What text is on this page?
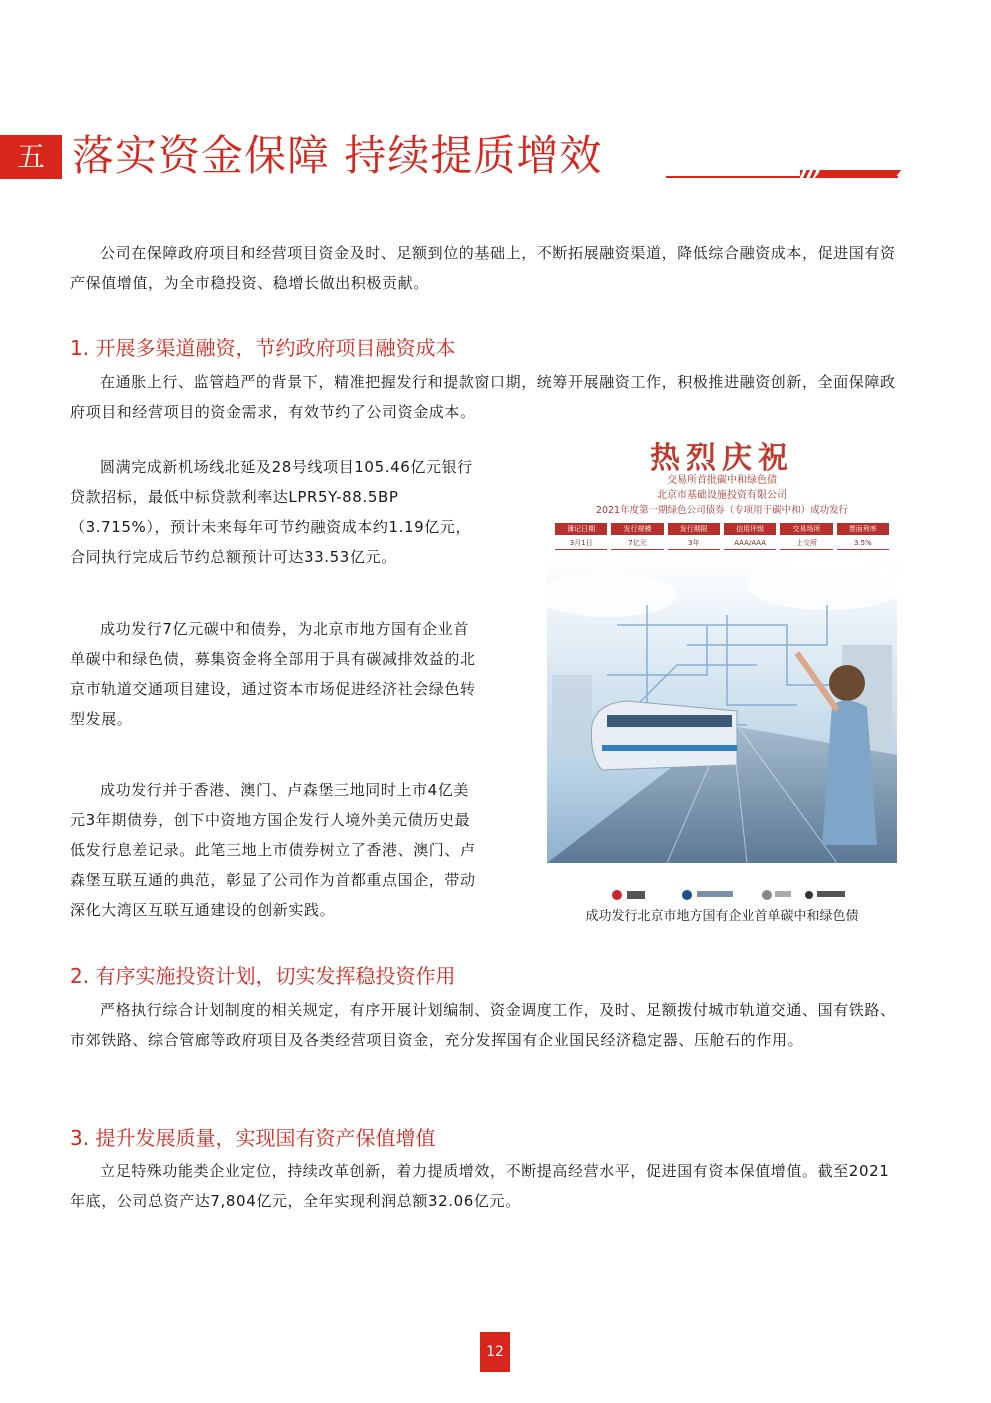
五 落实资金保障 持续提质增效
公司在保障政府项目和经营项目资金及时、足额到位的基础上，不断拓展融资渠道，降低综合融资成本，促进国有资产保值增值，为全市稳投资、稳增长做出积极贡献。
1. 开展多渠道融资，节约政府项目融资成本
在通胀上行、监管趋严的背景下，精准把握发行和提款窗口期，统筹开展融资工作，积极推进融资创新，全面保障政府项目和经营项目的资金需求，有效节约了公司资金成本。
圆满完成新机场线北延及28号线项目105.46亿元银行贷款招标，最低中标贷款利率达LPR5Y-88.5BP（3.715%），预计未来每年可节约融资成本约1.19亿元，合同执行完成后节约总额预计可达33.53亿元。
成功发行7亿元碳中和债券，为北京市地方国有企业首单碳中和绿色债，募集资金将全部用于具有碳减排效益的北京市轨道交通项目建设，通过资本市场促进经济社会绿色转型发展。
成功发行并于香港、澳门、卢森堡三地同时上市4亿美元3年期债券，创下中资地方国企发行人境外美元债历史最低发行息差记录。此笔三地上市债券树立了香港、澳门、卢森堡互联互通的典范，彰显了公司作为首都重点国企，带动深化大湾区互联互通建设的创新实践。
热烈庆祝
交易所首批碳中和绿色债
北京市基础设施投资有限公司
2021年度第一期绿色公司债券（专项用于碳中和）成功发行
簿记日期	发行规模	发行期限	信用评级	交易场所	票面利率
3月1日	7亿元	3年	AAA/AAA	上交所	3.5%
成功发行北京市地方国有企业首单碳中和绿色债
2. 有序实施投资计划，切实发挥稳投资作用
严格执行综合计划制度的相关规定，有序开展计划编制、资金调度工作，及时、足额拨付城市轨道交通、国有铁路、市郊铁路、综合管廊等政府项目及各类经营项目资金，充分发挥国有企业国民经济稳定器、压舱石的作用。
3. 提升发展质量，实现国有资产保值增值
立足特殊功能类企业定位，持续改革创新，着力提质增效，不断提高经营水平，促进国有资本保值增值。截至2021年底，公司总资产达7,804亿元，全年实现利润总额32.06亿元。
12
